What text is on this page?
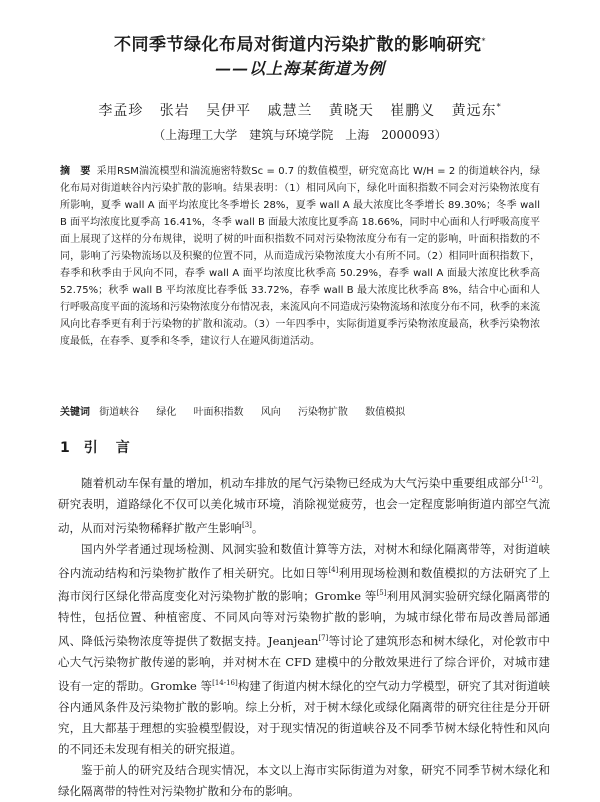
不同季节绿化布局对街道内污染扩散的影响研究*
——以上海某街道为例
李孟珍 张岩 吴伊平 戚慧兰 黄晓天 崔鹏义 黄远东*
（上海理工大学　建筑与环境学院　上海　2000093）

摘　要 采用RSM湍流模型和湍流施密特数Sc = 0.7 的数值模型，研究宽高比 W/H = 2 的街道峡谷内，绿化布局对街道峡谷内污染扩散的影响。结果表明：（1）相同风向下，绿化叶面积指数不同会对污染物浓度有所影响，夏季 wall A 面平均浓度比冬季增长 28%，夏季 wall A 最大浓度比冬季增长 89.30%；冬季 wall B 面平均浓度比夏季高 16.41%，冬季 wall B 面最大浓度比夏季高 18.66%，同时中心面和人行呼吸高度平面上展现了这样的分布规律，说明了树的叶面积指数不同对污染物浓度分布有一定的影响，叶面积指数的不同，影响了污染物流场以及积聚的位置不同，从而造成污染物浓度大小有所不同。（2）相同叶面积指数下，春季和秋季由于风向不同，春季 wall A 面平均浓度比秋季高 50.29%，春季 wall A 面最大浓度比秋季高 52.75%；秋季 wall B 平均浓度比春季低 33.72%，春季 wall B 最大浓度比秋季高 8%，结合中心面和人行呼吸高度平面的流场和污染物浓度分布情况表，来流风向不同造成污染物流场和浓度分布不同，秋季的来流风向比春季更有利于污染物的扩散和流动。（3）一年四季中，实际街道夏季污染物浓度最高，秋季污染物浓度最低，在春季、夏季和冬季，建议行人在避风街道活动。

关键词 街道峡谷 绿化 叶面积指数 风向 污染物扩散 数值模拟
1 引　言

随着机动车保有量的增加，机动车排放的尾气污染物已经成为大气污染中重要组成部分[1-2]。研究表明，道路绿化不仅可以美化城市环境，消除视觉疲劳，也会一定程度影响街道内部空气流动，从而对污染物稀释扩散产生影响[3]。

国内外学者通过现场检测、风洞实验和数值计算等方法，对树木和绿化隔离带等，对街道峡谷内流动结构和污染物扩散作了相关研究。比如日等[4]利用现场检测和数值模拟的方法研究了上海市闵行区绿化带高度变化对污染物扩散的影响；Gromke 等[5]利用风洞实验研究绿化隔离带的特性，包括位置、种植密度、不同风向等对污染物扩散的影响，为城市绿化带布局改善局部通风、降低污染物浓度等提供了数据支持。Jeanjean[7]等讨论了建筑形态和树木绿化，对伦敦市中心大气污染物扩散传递的影响，并对树木在 CFD 建模中的分散效果进行了综合评价，对城市建设有一定的帮助。Gromke 等[14-16]构建了街道内树木绿化的空气动力学模型，研究了其对街道峡谷内通风条件及污染物扩散的影响。综上分析，对于树木绿化或绿化隔离带的研究往往是分开研究，且大都基于理想的实验模型假设，对于现实情况的街道峡谷及不同季节树木绿化特性和风向的不同还未发现有相关的研究报道。

鉴于前人的研究及结合现实情况，本文以上海市实际街道为对象，研究不同季节树木绿化和绿化隔离带的特性对污染物扩散和分布的影响。
